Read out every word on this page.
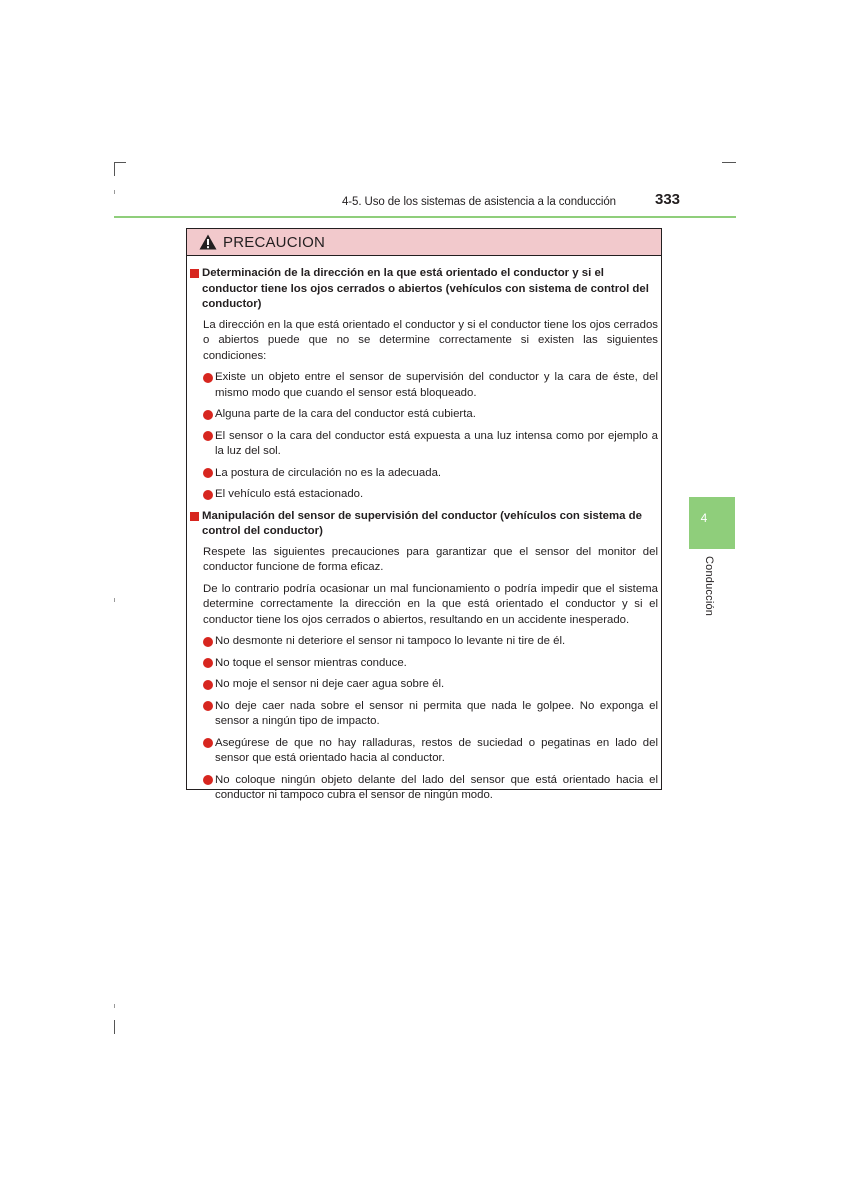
4-5. Uso de los sistemas de asistencia a la conducción	333
4
Conducción
PRECAUCION
Determinación de la dirección en la que está orientado el conductor y si el conductor tiene los ojos cerrados o abiertos (vehículos con sistema de control del conductor)
La dirección en la que está orientado el conductor y si el conductor tiene los ojos cerrados o abiertos puede que no se determine correctamente si existen las siguientes condiciones:
Existe un objeto entre el sensor de supervisión del conductor y la cara de éste, del mismo modo que cuando el sensor está bloqueado.
Alguna parte de la cara del conductor está cubierta.
El sensor o la cara del conductor está expuesta a una luz intensa como por ejemplo a la luz del sol.
La postura de circulación no es la adecuada.
El vehículo está estacionado.
Manipulación del sensor de supervisión del conductor (vehículos con sistema de control del conductor)
Respete las siguientes precauciones para garantizar que el sensor del monitor del conductor funcione de forma eficaz.
De lo contrario podría ocasionar un mal funcionamiento o podría impedir que el sistema determine correctamente la dirección en la que está orientado el conductor y si el conductor tiene los ojos cerrados o abiertos, resultando en un accidente inesperado.
No desmonte ni deteriore el sensor ni tampoco lo levante ni tire de él.
No toque el sensor mientras conduce.
No moje el sensor ni deje caer agua sobre él.
No deje caer nada sobre el sensor ni permita que nada le golpee. No exponga el sensor a ningún tipo de impacto.
Asegúrese de que no hay ralladuras, restos de suciedad o pegatinas en lado del sensor que está orientado hacia al conductor.
No coloque ningún objeto delante del lado del sensor que está orientado hacia el conductor ni tampoco cubra el sensor de ningún modo.
